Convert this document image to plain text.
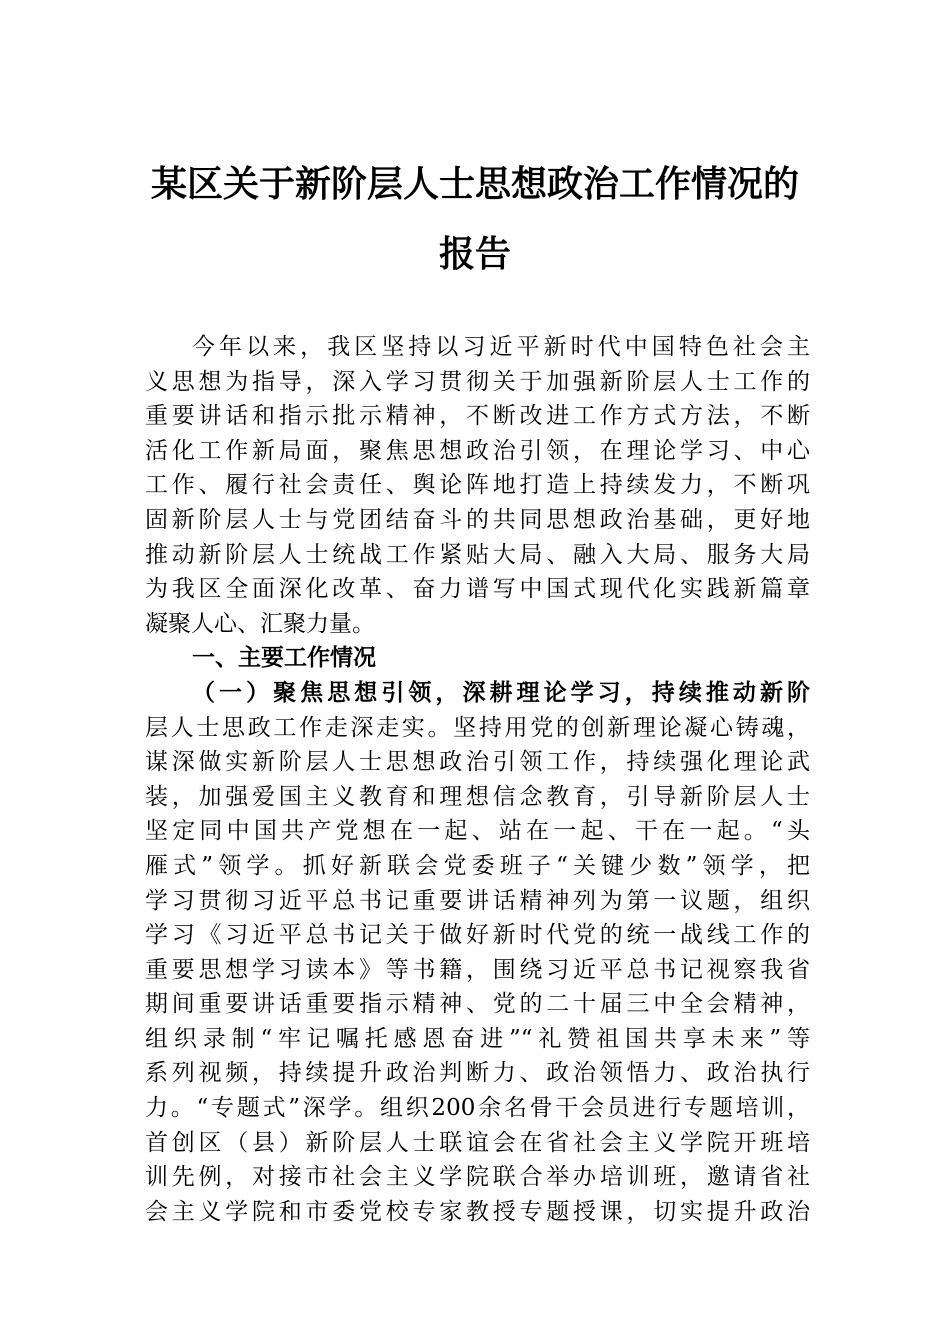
某区关于新阶层人士思想政治工作情况的
报告
今年以来，我区坚持以习近平新时代中国特色社会主
义思想为指导，深入学习贯彻关于加强新阶层人士工作的
重要讲话和指示批示精神，不断改进工作方式方法，不断
活化工作新局面，聚焦思想政治引领，在理论学习、中心
工作、履行社会责任、舆论阵地打造上持续发力，不断巩
固新阶层人士与党团结奋斗的共同思想政治基础，更好地
推动新阶层人士统战工作紧贴大局、融入大局、服务大局
为我区全面深化改革、奋力谱写中国式现代化实践新篇章
凝聚人心、汇聚力量。
一、主要工作情况
（一）聚焦思想引领，深耕理论学习，持续推动新阶
层人士思政工作走深走实。坚持用党的创新理论凝心铸魂，
谋深做实新阶层人士思想政治引领工作，持续强化理论武
装，加强爱国主义教育和理想信念教育，引导新阶层人士
坚定同中国共产党想在一起、站在一起、干在一起。“头
雁式”领学。抓好新联会党委班子“关键少数”领学，把
学习贯彻习近平总书记重要讲话精神列为第一议题，组织
学习《习近平总书记关于做好新时代党的统一战线工作的
重要思想学习读本》等书籍，围绕习近平总书记视察我省
期间重要讲话重要指示精神、党的二十届三中全会精神，
组织录制“牢记嘱托感恩奋进”“礼赞祖国共享未来”等
系列视频，持续提升政治判断力、政治领悟力、政治执行
力。“专题式”深学。组织200余名骨干会员进行专题培训，
首创区（县）新阶层人士联谊会在省社会主义学院开班培
训先例，对接市社会主义学院联合举办培训班，邀请省社
会主义学院和市委党校专家教授专题授课，切实提升政治
